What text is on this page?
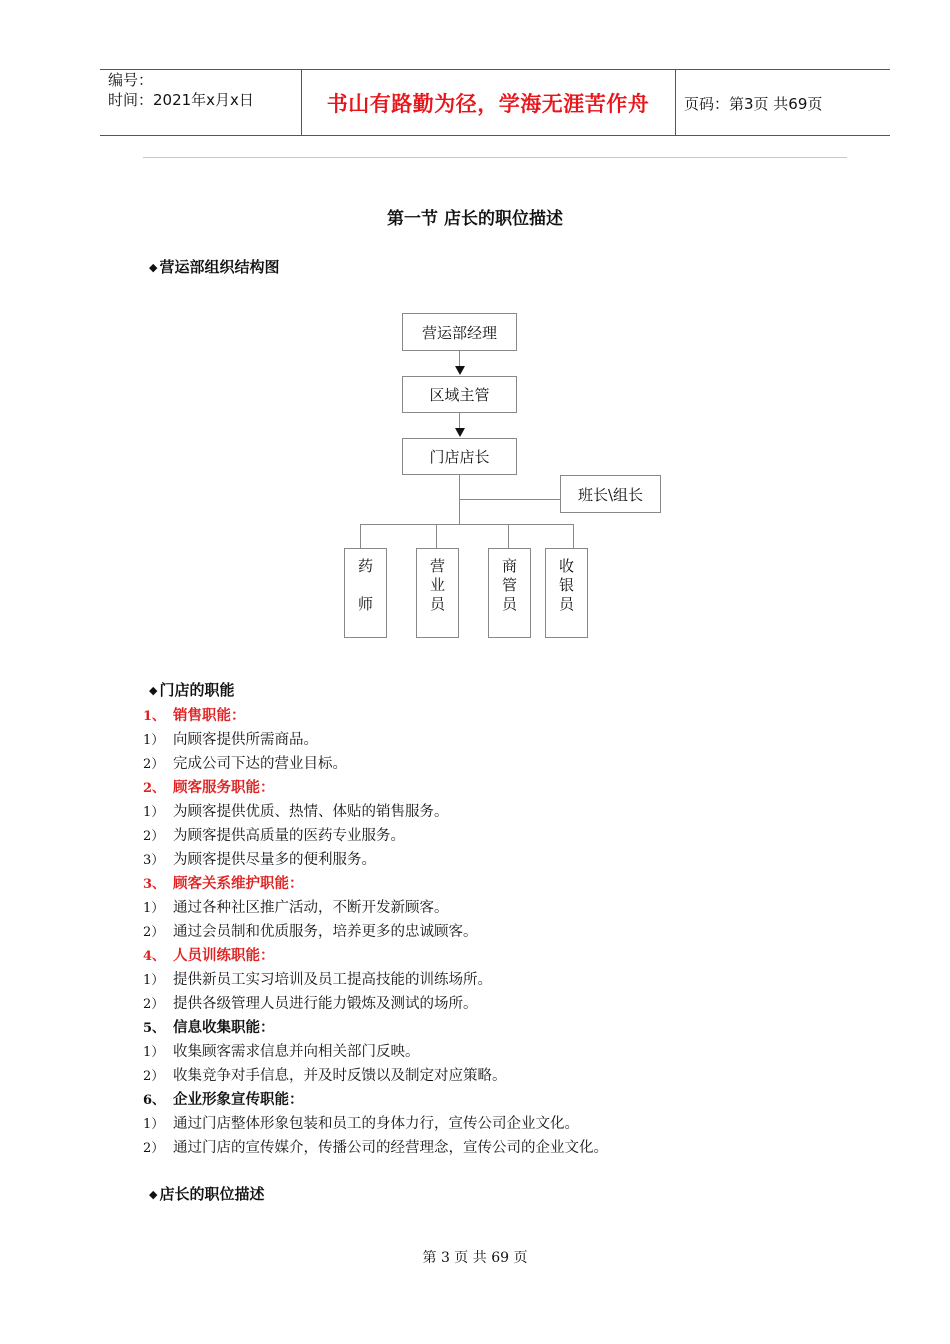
编号：
时间：2021年x月x日	书山有路勤为径，学海无涯苦作舟	页码：第3页 共69页
第一节 店长的职位描述
◆ 营运部组织结构图
营运部经理
区域主管
门店店长
班长\组长
药
师
营
业
员
商
管
员
收
银
员
◆ 门店的职能
1、 销售职能：
1） 向顾客提供所需商品。
2） 完成公司下达的营业目标。
2、 顾客服务职能：
1） 为顾客提供优质、热情、体贴的销售服务。
2） 为顾客提供高质量的医药专业服务。
3） 为顾客提供尽量多的便利服务。
3、 顾客关系维护职能：
1） 通过各种社区推广活动，不断开发新顾客。
2） 通过会员制和优质服务，培养更多的忠诚顾客。
4、 人员训练职能：
1） 提供新员工实习培训及员工提高技能的训练场所。
2） 提供各级管理人员进行能力锻炼及测试的场所。
5、 信息收集职能：
1） 收集顾客需求信息并向相关部门反映。
2） 收集竞争对手信息，并及时反馈以及制定对应策略。
6、 企业形象宣传职能：
1） 通过门店整体形象包装和员工的身体力行，宣传公司企业文化。
2） 通过门店的宣传媒介，传播公司的经营理念，宣传公司的企业文化。
◆ 店长的职位描述
第 3 页 共 69 页
